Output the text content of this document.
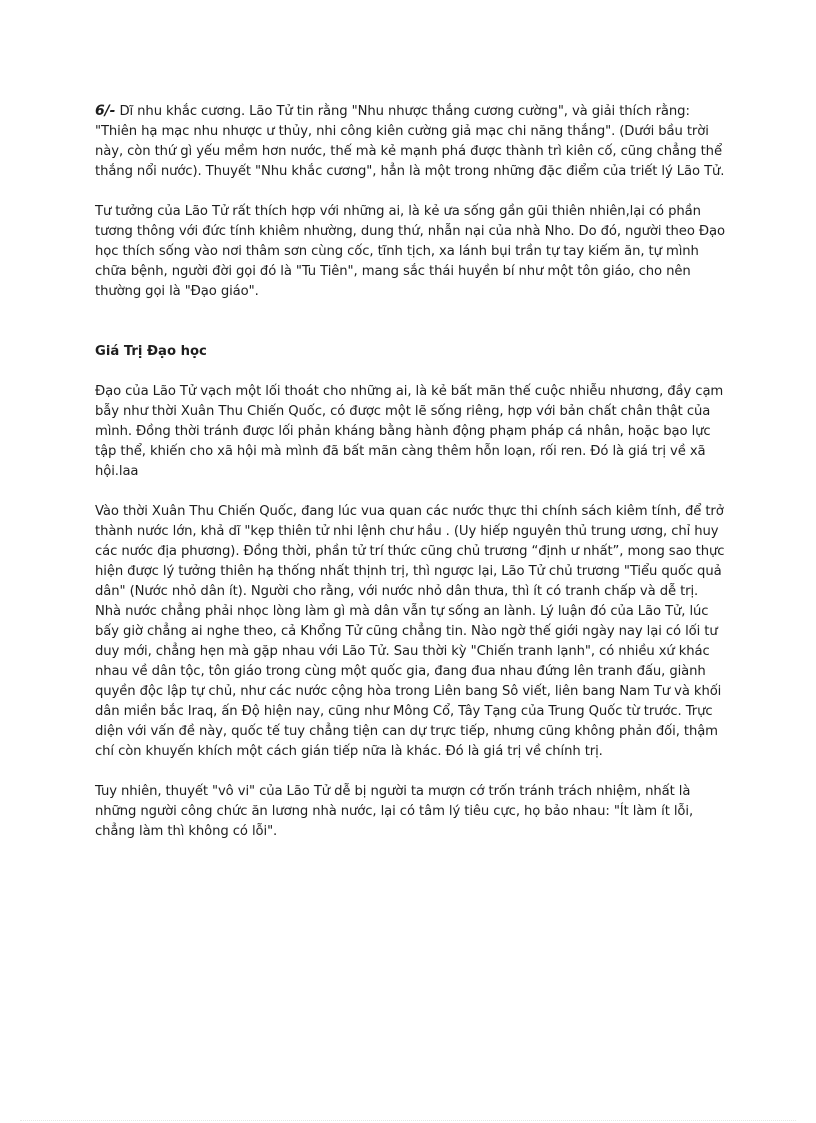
6/- Dĩ nhu khắc cương. Lão Tử tin rằng "Nhu nhược thắng cương cường", và giải thích rằng: "Thiên hạ mạc nhu nhược ư thủy, nhi công kiên cường giả mạc chi năng thắng". (Dưới bầu trời này, còn thứ gì yếu mềm hơn nước, thế mà kẻ mạnh phá được thành trì kiên cố, cũng chẳng thể thắng nổi nước). Thuyết "Nhu khắc cương", hẳn là một trong những đặc điểm của triết lý Lão Tử.

Tư tưởng của Lão Tử rất thích hợp với những ai, là kẻ ưa sống gần gũi thiên nhiên,lại có phần tương thông với đức tính khiêm nhường, dung thứ, nhẫn nại của nhà Nho. Do đó, người theo Đạo học thích sống vào nơi thâm sơn cùng cốc, tĩnh tịch, xa lánh bụi trần tự tay kiếm ăn, tự mình chữa bệnh, người đời gọi đó là "Tu Tiên", mang sắc thái huyền bí như một tôn giáo, cho nên thường gọi là "Đạo giáo".

Giá Trị Đạo học

Đạo của Lão Tử vạch một lối thoát cho những ai, là kẻ bất mãn thế cuộc nhiễu nhương, đầy cạm bẫy như thời Xuân Thu Chiến Quốc, có được một lẽ sống riêng, hợp với bản chất chân thật của mình. Đồng thời tránh được lối phản kháng bằng hành động phạm pháp cá nhân, hoặc bạo lực tập thể, khiến cho xã hội mà mình đã bất mãn càng thêm hỗn loạn, rối ren. Đó là giá trị về xã hội.laa

Vào thời Xuân Thu Chiến Quốc, đang lúc vua quan các nước thực thi chính sách kiêm tính, để trở thành nước lớn, khả dĩ "kẹp thiên tử nhi lệnh chư hầu . (Uy hiếp nguyên thủ trung ương, chỉ huy các nước địa phương). Đồng thời, phần tử trí thức cũng chủ trương “định ư nhất”, mong sao thực hiện được lý tưởng thiên hạ thống nhất thịnh trị, thì ngược lại, Lão Tử chủ trương "Tiểu quốc quả dân" (Nước nhỏ dân ít). Người cho rằng, với nước nhỏ dân thưa, thì ít có tranh chấp và dễ trị. Nhà nước chẳng phải nhọc lòng làm gì mà dân vẫn tự sống an lành. Lý luận đó của Lão Tử, lúc bấy giờ chẳng ai nghe theo, cả Khổng Tử cũng chẳng tin. Nào ngờ thế giới ngày nay lại có lối tư duy mới, chẳng hẹn mà gặp nhau với Lão Tử. Sau thời kỳ "Chiến tranh lạnh", có nhiều xứ khác nhau về dân tộc, tôn giáo trong cùng một quốc gia, đang đua nhau đứng lên tranh đấu, giành quyền độc lập tự chủ, như các nước cộng hòa trong Liên bang Sô viết, liên bang Nam Tư và khối dân miền bắc Iraq, ấn Độ hiện nay, cũng như Mông Cổ, Tây Tạng của Trung Quốc từ trước. Trực diện với vấn đề này, quốc tế tuy chẳng tiện can dự trực tiếp, nhưng cũng không phản đối, thậm chí còn khuyến khích một cách gián tiếp nữa là khác. Đó là giá trị về chính trị.

Tuy nhiên, thuyết "vô vi" của Lão Tử dễ bị người ta mượn cớ trốn tránh trách nhiệm, nhất là những người công chức ăn lương nhà nước, lại có tâm lý tiêu cực, họ bảo nhau: "Ít làm ít lỗi, chẳng làm thì không có lỗi".
